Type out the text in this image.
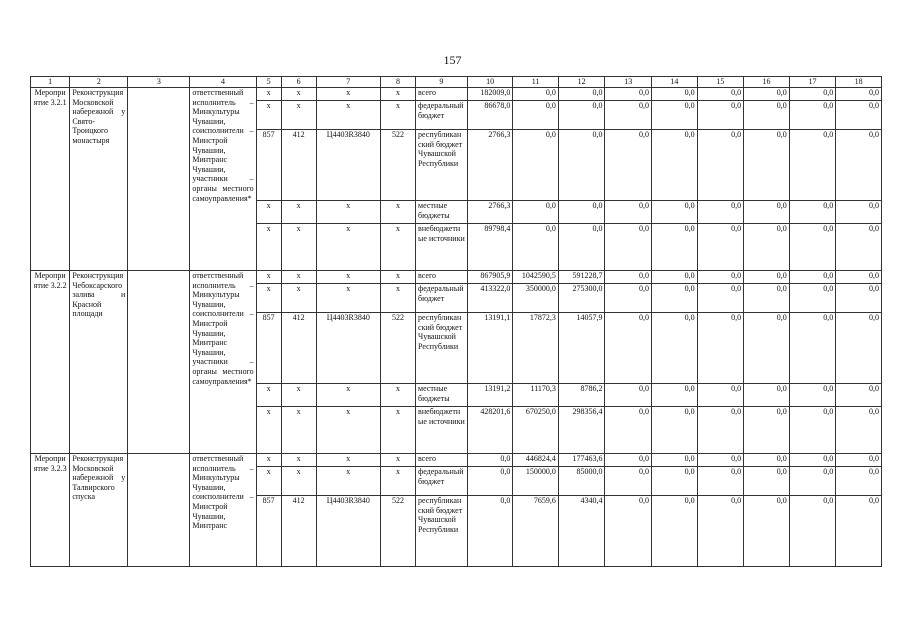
157
1	2	3	4	5	6	7	8	9	10	11	12	13	14	15	16	17	18
Мероприятие 3.2.1	Реконструкция Московской набережной у Свято-Троицкого монастыря		ответственный исполнитель – Минкультуры Чувашии, соисполнители – Минстрой Чувашии, Минтранс Чувашии, участники – органы местного самоуправления*	x	x	x	x	всего	182009,0	0,0	0,0	0,0	0,0	0,0	0,0	0,0	0,0
				x	x	x	x	федеральный бюджет	86678,0	0,0	0,0	0,0	0,0	0,0	0,0	0,0	0,0
				857	412	Ц4403R3840	522	республиканский бюджет Чувашской Республики	2766,3	0,0	0,0	0,0	0,0	0,0	0,0	0,0	0,0
				x	x	x	x	местные бюджеты	2766,3	0,0	0,0	0,0	0,0	0,0	0,0	0,0	0,0
				x	x	x	x	внебюджетные источники	89798,4	0,0	0,0	0,0	0,0	0,0	0,0	0,0	0,0
Мероприятие 3.2.2	Реконструкция Чебоксарского залива и Красной площади		ответственный исполнитель – Минкультуры Чувашии, соисполнители – Минстрой Чувашии, Минтранс Чувашии, участники – органы местного самоуправления*	x	x	x	x	всего	867905,9	1042590,5	591228,7	0,0	0,0	0,0	0,0	0,0	0,0
				x	x	x	x	федеральный бюджет	413322,0	350000,0	275300,0	0,0	0,0	0,0	0,0	0,0	0,0
				857	412	Ц4403R3840	522	республиканский бюджет Чувашской Республики	13191,1	17872,3	14057,9	0,0	0,0	0,0	0,0	0,0	0,0
				x	x	x	x	местные бюджеты	13191,2	11170,3	8786,2	0,0	0,0	0,0	0,0	0,0	0,0
				x	x	x	x	внебюджетные источники	428201,6	670250,0	298356,4	0,0	0,0	0,0	0,0	0,0	0,0
Мероприятие 3.2.3	Реконструкция Московской набережной у Талвирского спуска		ответственный исполнитель – Минкультуры Чувашии, соисполнители – Минстрой Чувашии, Минтранс	x	x	x	x	всего	0,0	446824,4	177463,6	0,0	0,0	0,0	0,0	0,0	0,0
				x	x	x	x	федеральный бюджет	0,0	150000,0	85000,0	0,0	0,0	0,0	0,0	0,0	0,0
				857	412	Ц4403R3840	522	республиканский бюджет Чувашской Республики	0,0	7659,6	4340,4	0,0	0,0	0,0	0,0	0,0	0,0
